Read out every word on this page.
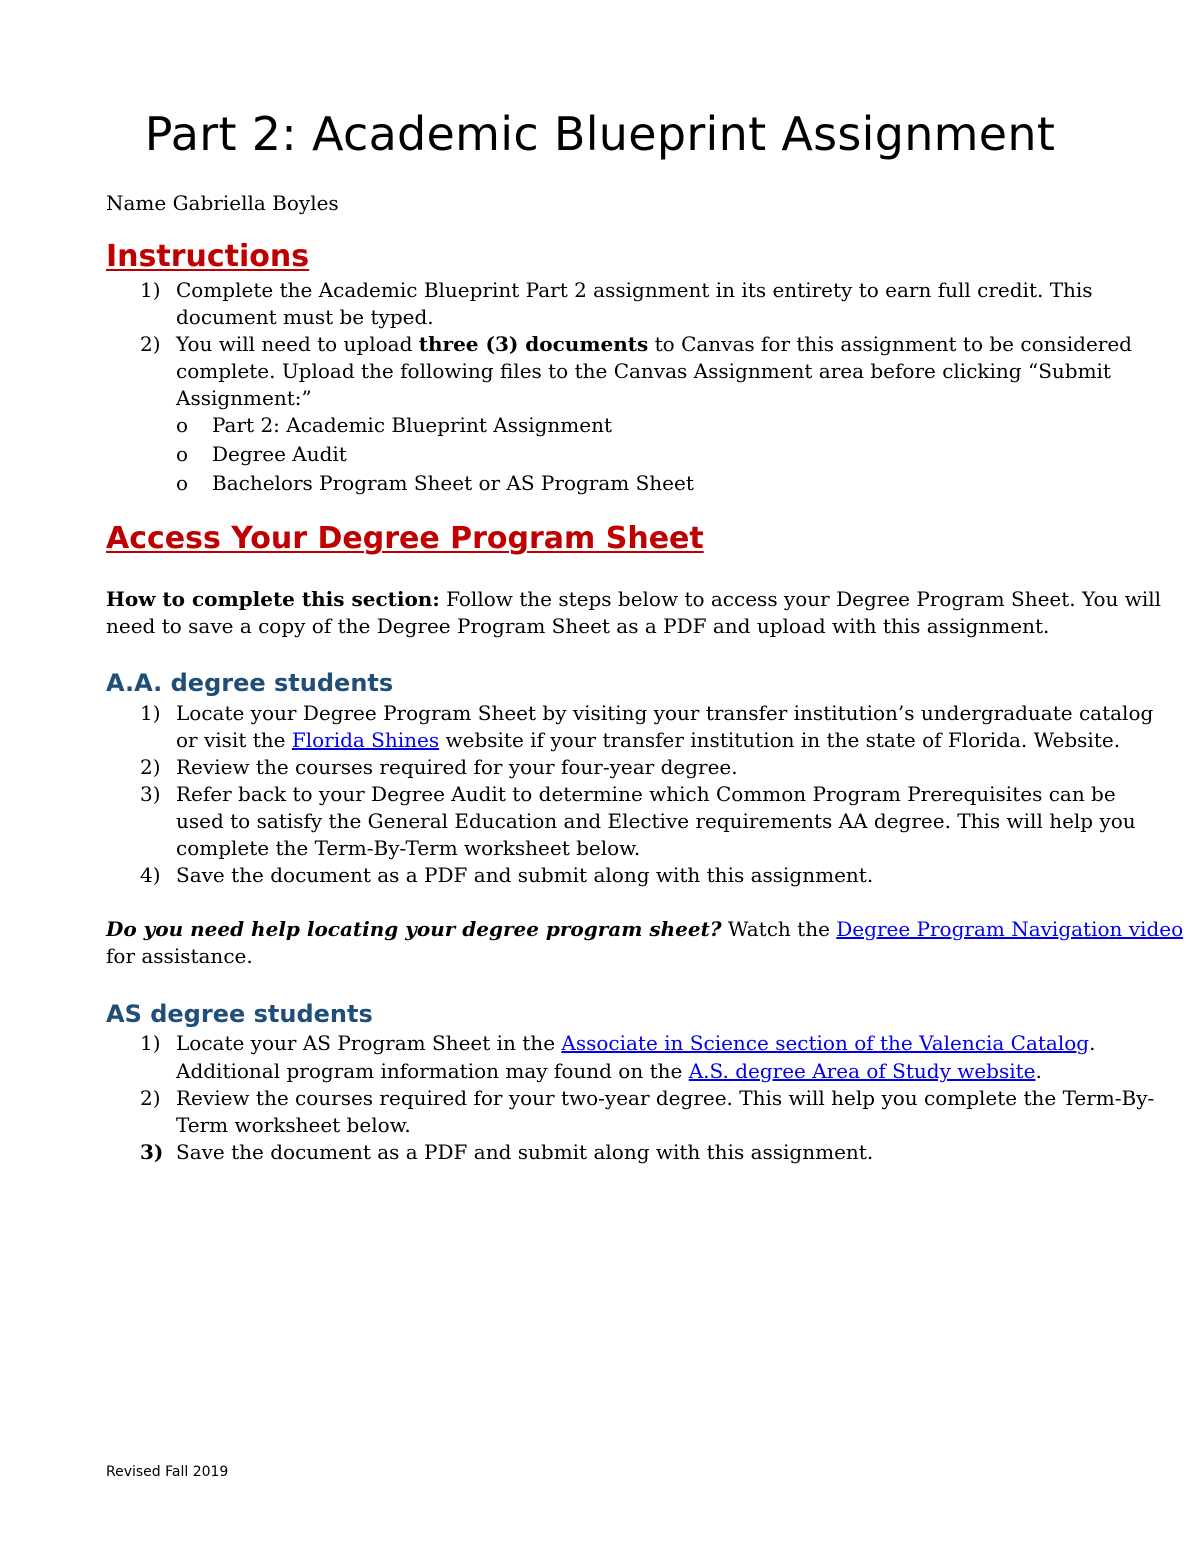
Part 2: Academic Blueprint Assignment
Name Gabriella Boyles
Instructions
1) Complete the Academic Blueprint Part 2 assignment in its entirety to earn full credit. This
document must be typed.
2) You will need to upload three (3) documents to Canvas for this assignment to be considered
complete. Upload the following files to the Canvas Assignment area before clicking “Submit
Assignment:”
o Part 2: Academic Blueprint Assignment
o Degree Audit
o Bachelors Program Sheet or AS Program Sheet
Access Your Degree Program Sheet
How to complete this section: Follow the steps below to access your Degree Program Sheet. You will
need to save a copy of the Degree Program Sheet as a PDF and upload with this assignment.
A.A. degree students
1) Locate your Degree Program Sheet by visiting your transfer institution’s undergraduate catalog
or visit the Florida Shines website if your transfer institution in the state of Florida. Website.
2) Review the courses required for your four-year degree.
3) Refer back to your Degree Audit to determine which Common Program Prerequisites can be
used to satisfy the General Education and Elective requirements AA degree. This will help you
complete the Term-By-Term worksheet below.
4) Save the document as a PDF and submit along with this assignment.
Do you need help locating your degree program sheet? Watch the Degree Program Navigation video
for assistance.
AS degree students
1) Locate your AS Program Sheet in the Associate in Science section of the Valencia Catalog.
Additional program information may found on the A.S. degree Area of Study website.
2) Review the courses required for your two-year degree. This will help you complete the Term-By-
Term worksheet below.
3) Save the document as a PDF and submit along with this assignment.
Revised Fall 2019
